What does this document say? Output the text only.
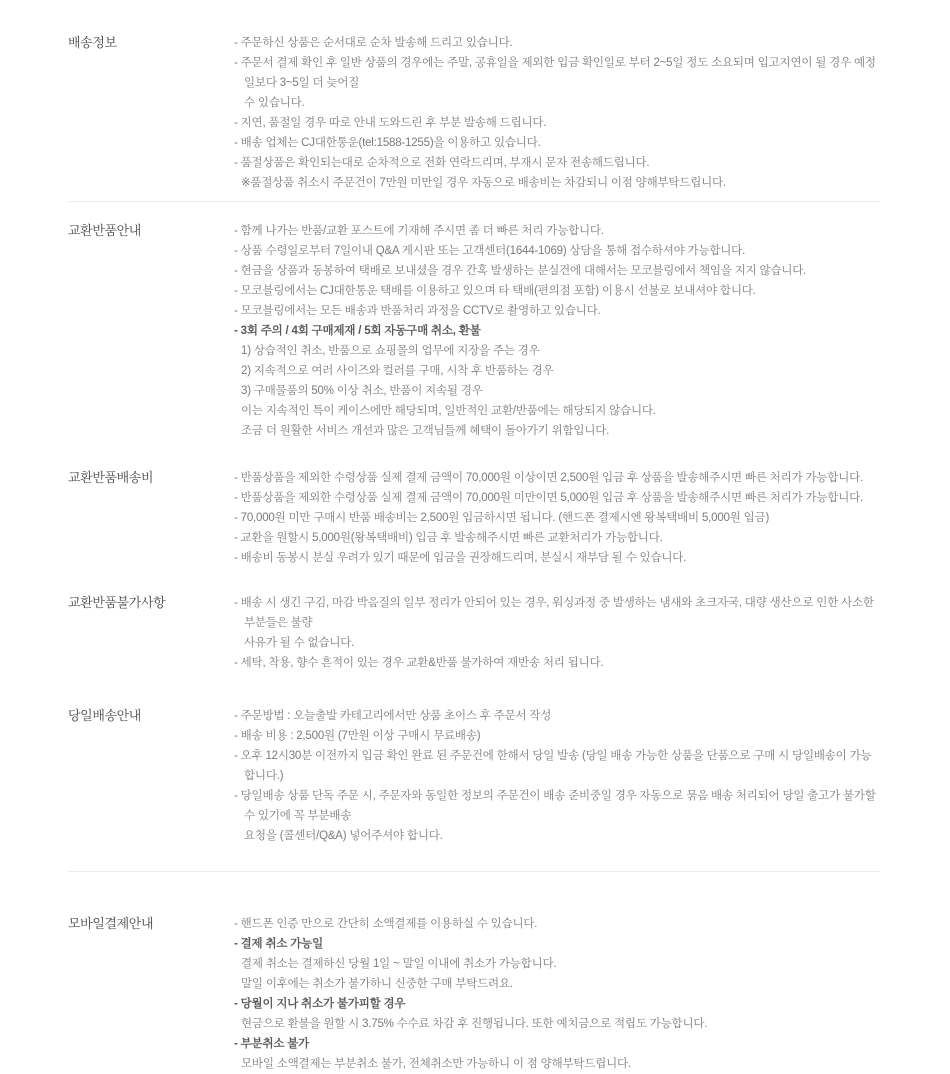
배송정보	- 주문하신 상품은 순서대로 순차 발송해 드리고 있습니다.
- 주문서 결제 확인 후 일반 상품의 경우에는 주말, 공휴일을 제외한 입금 확인일로 부터 2~5일 정도 소요되며 입고지연이 될 경우 예정일보다 3~5일 더 늦어질
수 있습니다.
- 지연, 품절일 경우 따로 안내 도와드린 후 부분 발송해 드립니다.
- 배송 업체는 CJ대한통운(tel:1588-1255)을 이용하고 있습니다.
- 품절상품은 확인되는대로 순차적으로 전화 연락드리며, 부재시 문자 전송해드립니다.
※품절상품 취소시 주문건이 7만원 미만일 경우 자동으로 배송비는 차감되니 이점 양해부탁드립니다.
교환반품안내	- 함께 나가는 반품/교환 포스트에 기재해 주시면 좀 더 빠른 처리 가능합니다.
- 상품 수령일로부터 7일이내 Q&A 게시판 또는 고객센터(1644-1069) 상담을 통해 접수하셔야 가능합니다.
- 현금을 상품과 동봉하여 택배로 보내셨을 경우 간혹 발생하는 분실건에 대해서는 모코블링에서 책임을 지지 않습니다.
- 모코블링에서는 CJ대한통운 택배를 이용하고 있으며 타 택배(편의점 포함) 이용시 선불로 보내셔야 합니다.
- 모코블링에서는 모든 배송과 반품처리 과정을 CCTV로 촬영하고 있습니다.
- 3회 주의 / 4회 구매제재 / 5회 자동구매 취소, 환불
1) 상습적인 취소, 반품으로 쇼핑몰의 업무에 지장을 주는 경우
2) 지속적으로 여러 사이즈와 컬러를 구매, 시착 후 반품하는 경우
3) 구매물품의 50% 이상 취소, 반품이 지속될 경우
이는 지속적인 특이 케이스에만 해당되며, 일반적인 교환/반품에는 해당되지 않습니다.
조금 더 원활한 서비스 개선과 많은 고객님들께 혜택이 돌아가기 위함입니다.
교환반품배송비	- 반품상품을 제외한 수령상품 실제 결제 금액이 70,000원 이상이면 2,500원 입금 후 상품을 발송해주시면 빠른 처리가 가능합니다.
- 반품상품을 제외한 수령상품 실제 결제 금액이 70,000원 미만이면 5,000원 입금 후 상품을 발송해주시면 빠른 처리가 가능합니다.
- 70,000원 미만 구매시 반품 배송비는 2,500원 입금하시면 됩니다. (핸드폰 결제시엔 왕복택배비 5,000원 입금)
- 교환을 원할시 5,000원(왕복택배비) 입금 후 발송해주시면 빠른 교환처리가 가능합니다.
- 배송비 동봉시 분실 우려가 있기 때문에 입금을 권장해드리며, 분실시 재부담 될 수 있습니다.
교환반품불가사항	- 배송 시 생긴 구김, 마감 박음질의 일부 정리가 안되어 있는 경우, 워싱과정 중 발생하는 냄새와 초크자국, 대량 생산으로 인한 사소한 부분들은 불량
사유가 될 수 없습니다.
- 세탁, 착용, 향수 흔적이 있는 경우 교환&반품 불가하여 재반송 처리 됩니다.
당일배송안내	- 주문방법 : 오늘출발 카테고리에서만 상품 초이스 후 주문서 작성
- 배송 비용 : 2,500원 (7만원 이상 구매시 무료배송)
- 오후 12시30분 이전까지 입금 확인 완료 된 주문건에 한해서 당일 발송 (당일 배송 가능한 상품을 단품으로 구매 시 당일배송이 가능합니다.)
- 당일배송 상품 단독 주문 시, 주문자와 동일한 정보의 주문건이 배송 준비중일 경우 자동으로 묶음 배송 처리되어 당일 출고가 불가할 수 있기에 꼭 부분배송
요청을 (콜센터/Q&A) 넣어주셔야 합니다.
모바일결제안내	- 핸드폰 인증 만으로 간단히 소액결제를 이용하실 수 있습니다.
- 결제 취소 가능일
결제 취소는 결제하신 당월 1일 ~ 말일 이내에 취소가 가능합니다.
말일 이후에는 취소가 불가하니 신중한 구매 부탁드려요.
- 당월이 지나 취소가 불가피할 경우
현금으로 환불을 원할 시 3.75% 수수료 차감 후 진행됩니다. 또한 예치금으로 적립도 가능합니다.
- 부분취소 불가
모바일 소액결제는 부분취소 불가, 전체취소만 가능하니 이 점 양해부탁드립니다.
